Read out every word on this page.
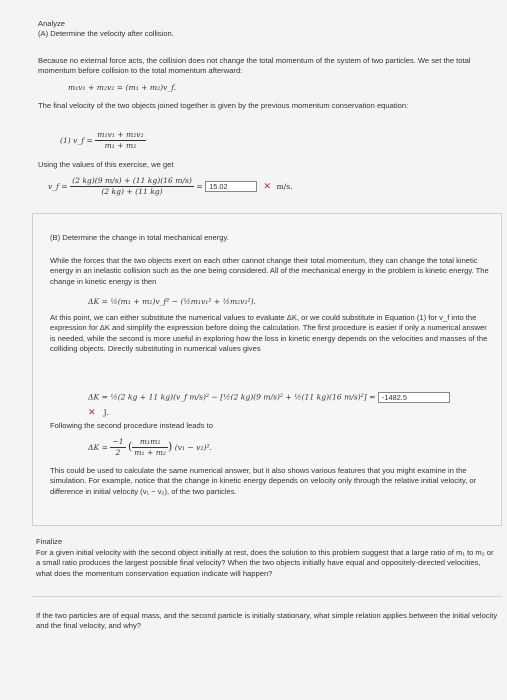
Analyze

(A) Determine the velocity after collision.

Because no external force acts, the collision does not change the total momentum of the system of two particles. We set the total momentum before collision to the total momentum afterward:

m₁v₁ + m₂v₂ = (m₁ + m₂)v_f.

The final velocity of the two objects joined together is given by the previous momentum conservation equation:

(1) v_f = $\frac{\text{m₁v₁ + m₂v₂}}{\text{m₁ + m₂}}$

Using the values of this exercise, we get

v_f = $\frac{(2 kg)(9 m/s) + (11 kg)(16 m/s)}{(2 kg) + (11 kg)} = 15.02$	✕ m/s.

(B) Determine the change in total mechanical energy.

While the forces that the two objects exert on each other cannot change their total momentum, they can change the total kinetic energy in an inelastic collision such as the one being considered. All of the mechanical energy in the problem is kinetic energy. The change in kinetic energy is then

ΔK = ½(m₁ + m₂)v_f² − (½m₁v₁² + ½m₂v₂²).

At this point, we can either substitute the numerical values to evaluate ΔK, or we could substitute in Equation (1) for v_f into the expression for ΔK and simplify the expression before doing the calculation. The first procedure is easier if only a numerical answer is needed, while the second is more useful in exploring how the loss in kinetic energy depends on the velocities and masses of the colliding objects. Directly substituting in numerical values gives

ΔK = ½(2 kg + 11 kg)(v_f m/s)² − [½(2 kg)(9 m/s)² + ½(11 kg)(16 m/s)²] = -1482.5
✕ J.

Following the second procedure instead leads to

$\Delta K = \frac{-1}{2}$ ( $\frac{\text{m₁m₂}}{\text{m₁ + m₂}}$ ) (v₁ − v₂)².

This could be used to calculate the same numerical answer, but it also shows various features that you might examine in the simulation. For example, notice that the change in kinetic energy depends on velocity only through the relative initial velocity, or difference in initial velocity (v₁ − v₂), of the two particles.

Finalize

For a given initial velocity with the second object initially at rest, does the solution to this problem suggest that a large ratio of m₁ to m₂ or a small ratio produces the largest possible final velocity? When the two objects initially have equal and oppositely-directed velocities, what does the momentum conservation equation indicate will happen?

If the two particles are of equal mass, and the second particle is initially stationary, what simple relation applies between the initial velocity and the final velocity, and why?
